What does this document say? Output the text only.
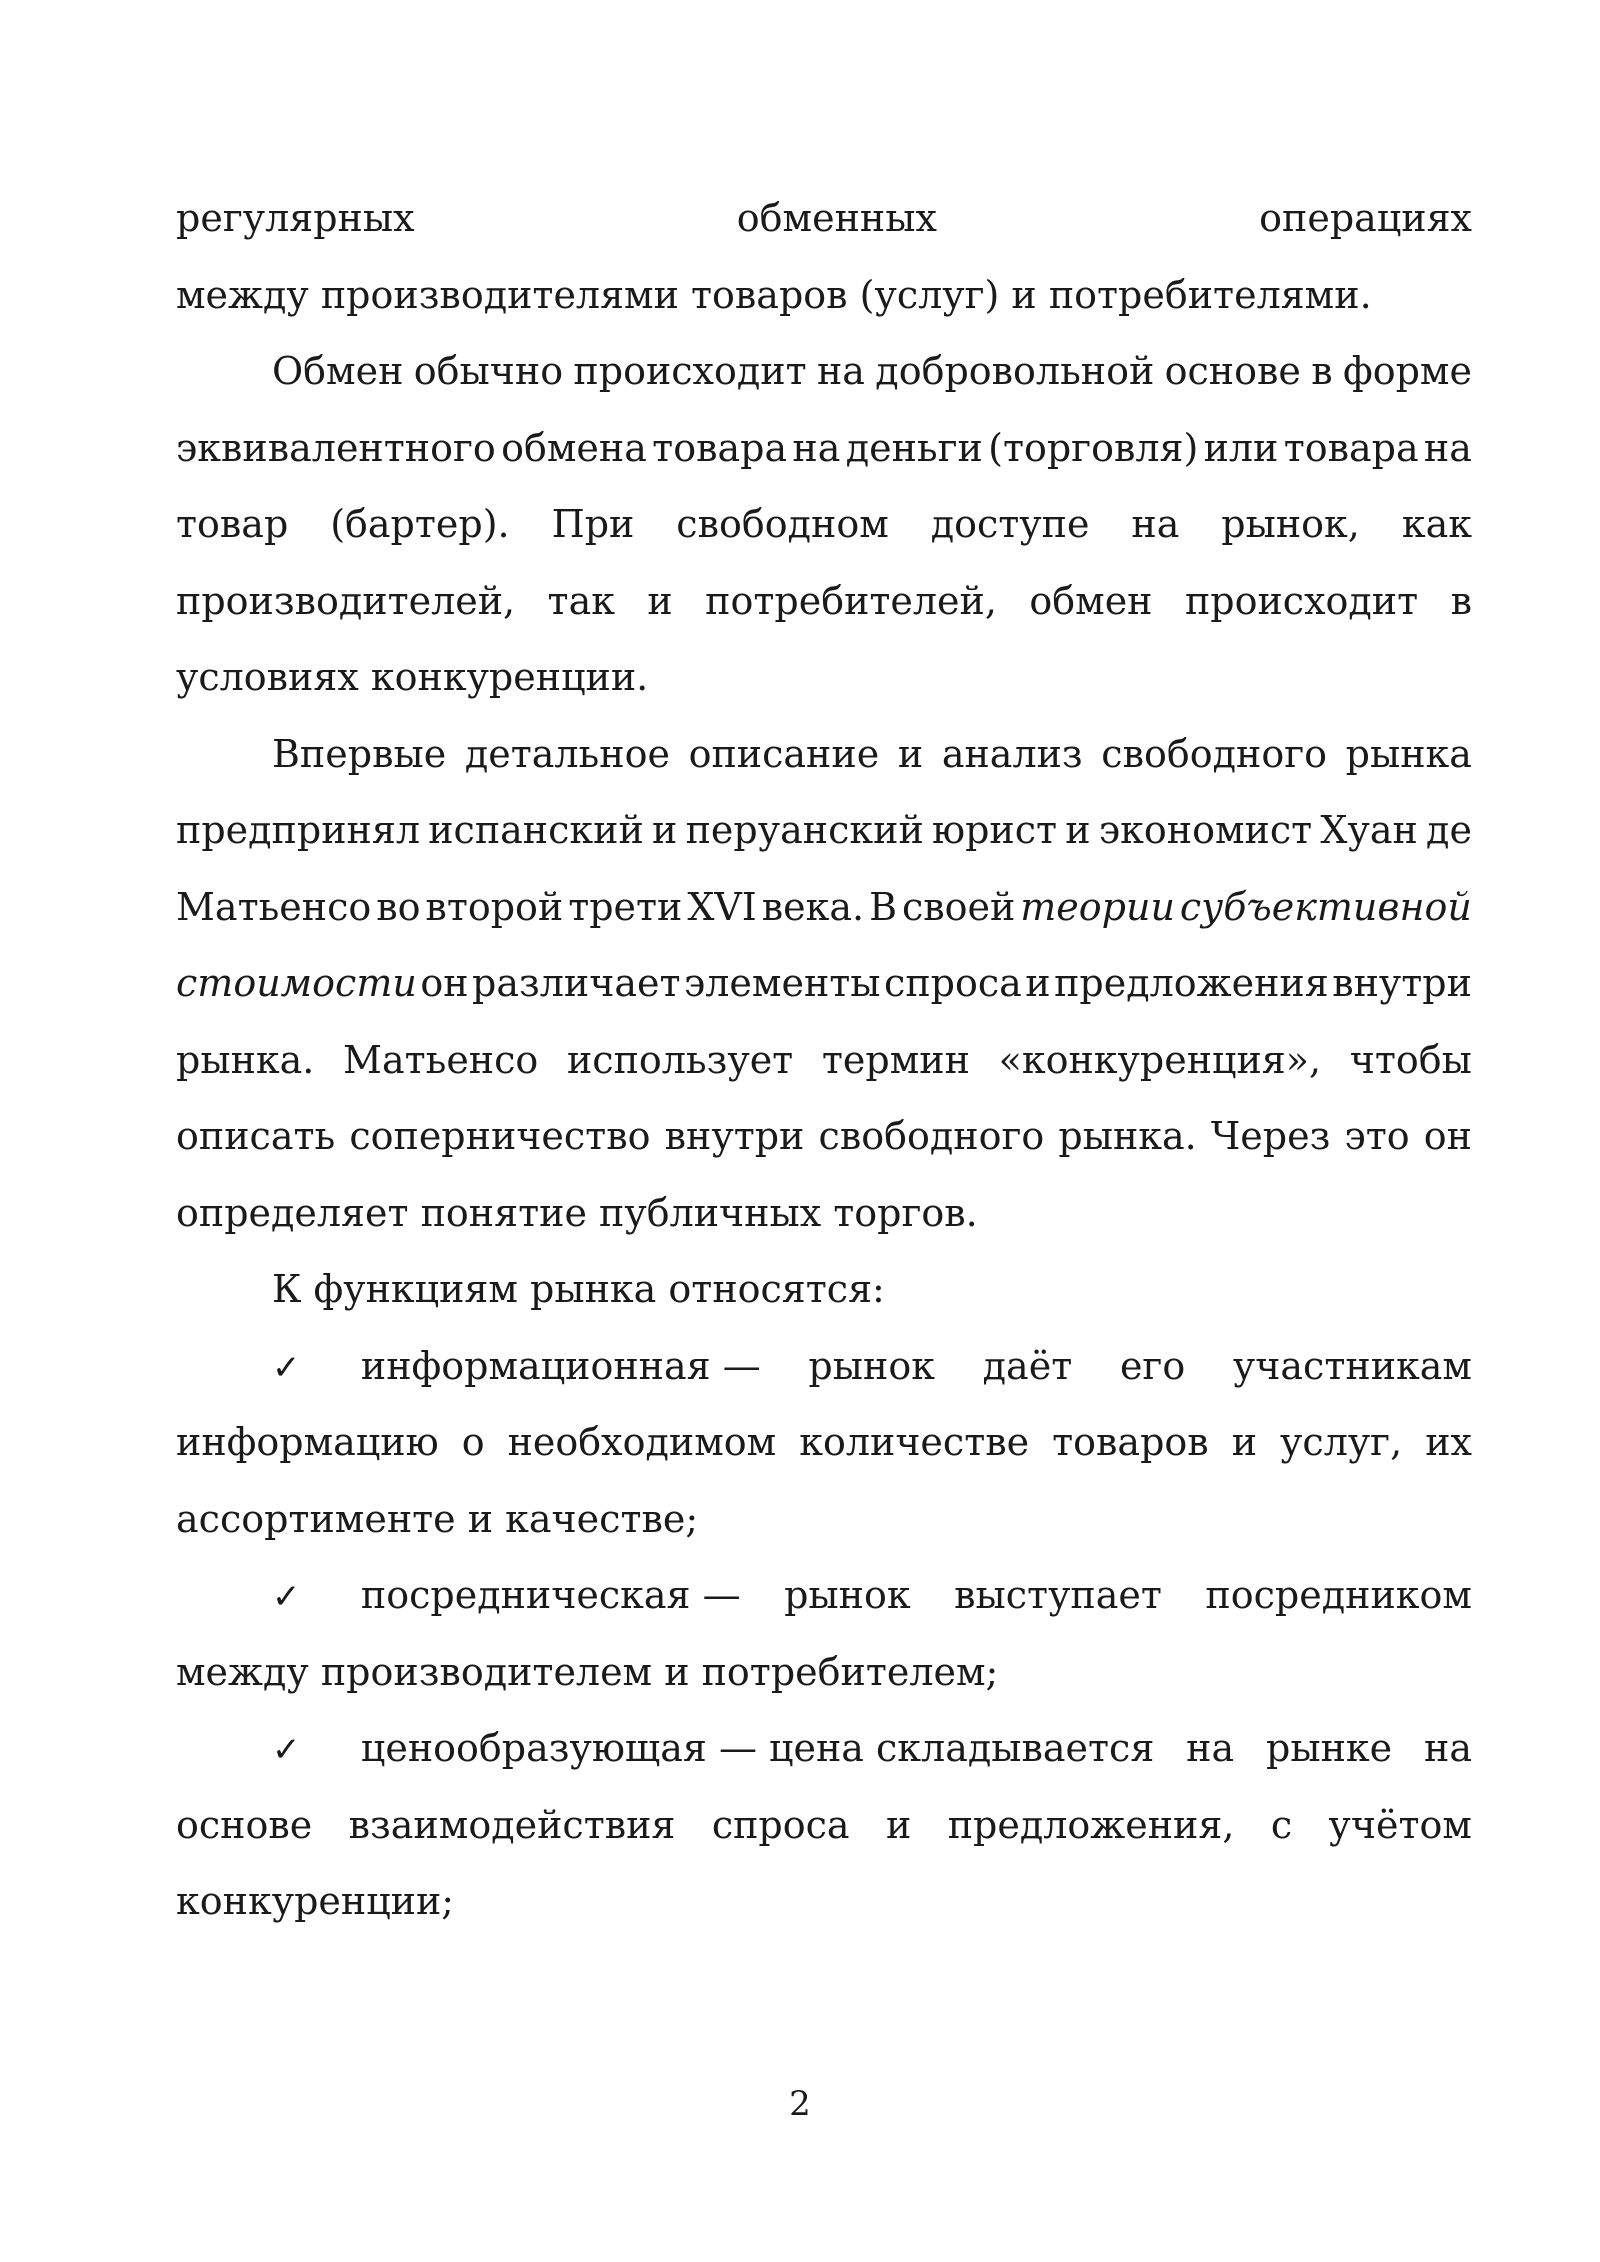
регулярных	обменных	операциях
между производителями товаров (услуг) и потребителями.
Обмен обычно происходит на добровольной основе в форме
эквивалентного обмена товара на деньги (торговля) или товара на
товар (бартер). При свободном доступе на рынок, как
производителей, так и потребителей, обмен происходит в
условиях конкуренции.
Впервые детальное описание и анализ свободного рынка
предпринял испанский и перуанский юрист и экономист Хуан де
Матьенсо во второй трети XVI века. В своей теории субъективной
стоимости он различает элементы спроса и предложения внутри
рынка. Матьенсо использует термин «конкуренция», чтобы
описать соперничество внутри свободного рынка. Через это он
определяет понятие публичных торгов.
К функциям рынка относятся:
✓	информационная — рынок даёт его участникам
информацию о необходимом количестве товаров и услуг, их
ассортименте и качестве;
✓	посредническая — рынок выступает посредником
между производителем и потребителем;
✓	ценообразующая — цена складывается на рынке на
основе взаимодействия спроса и предложения, с учётом
конкуренции;
2
